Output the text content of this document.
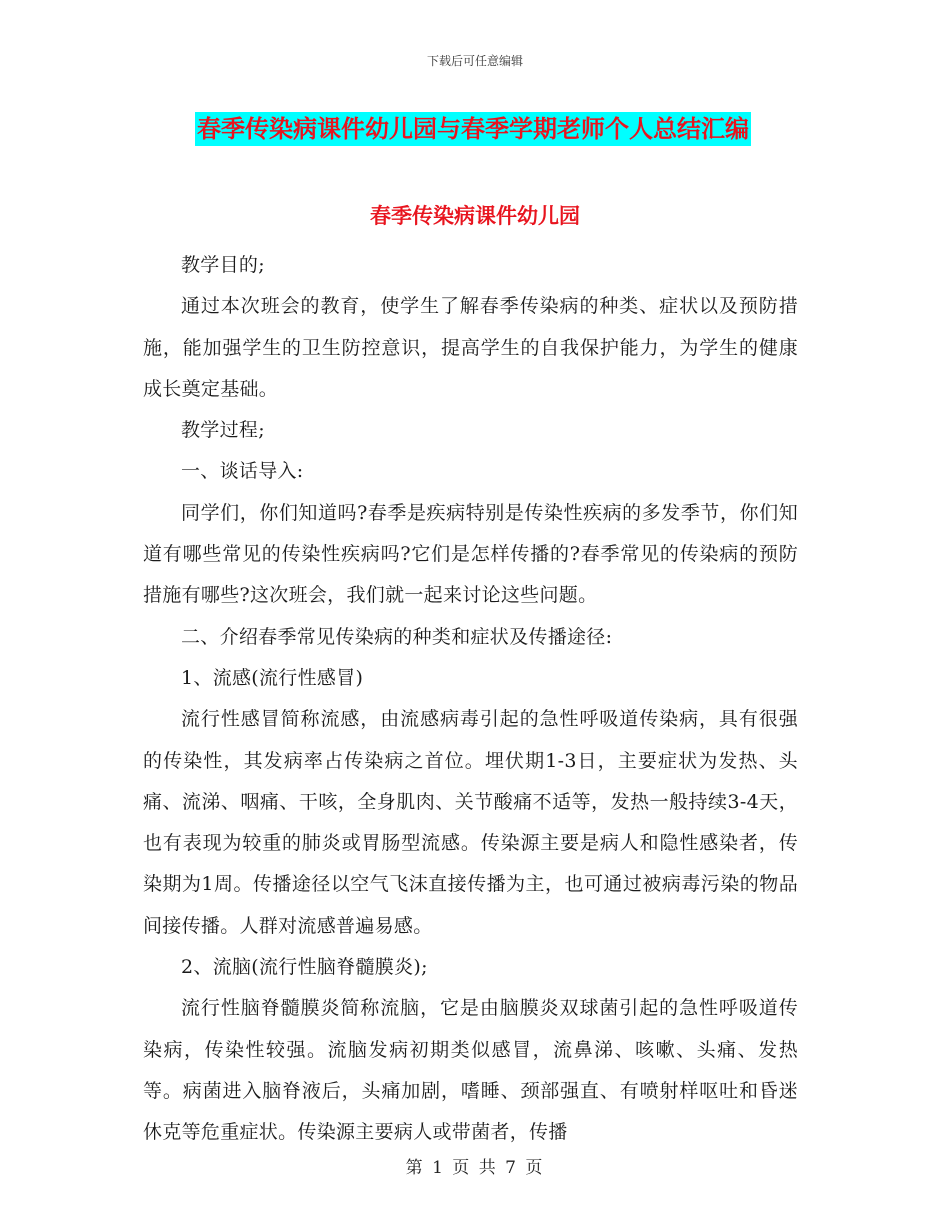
下载后可任意编辑
春季传染病课件幼儿园与春季学期老师个人总结汇编
春季传染病课件幼儿园

教学目的;

通过本次班会的教育，使学生了解春季传染病的种类、症状以及预防措施，能加强学生的卫生防控意识，提高学生的自我保护能力，为学生的健康成长奠定基础。

教学过程;

一、谈话导入:

同学们，你们知道吗?春季是疾病特别是传染性疾病的多发季节，你们知道有哪些常见的传染性疾病吗?它们是怎样传播的?春季常见的传染病的预防措施有哪些?这次班会，我们就一起来讨论这些问题。

二、介绍春季常见传染病的种类和症状及传播途径:

1、流感(流行性感冒)

流行性感冒简称流感，由流感病毒引起的急性呼吸道传染病，具有很强的传染性，其发病率占传染病之首位。埋伏期1-3日，主要症状为发热、头痛、流涕、咽痛、干咳，全身肌肉、关节酸痛不适等，发热一般持续3-4天，也有表现为较重的肺炎或胃肠型流感。传染源主要是病人和隐性感染者，传染期为1周。传播途径以空气飞沫直接传播为主，也可通过被病毒污染的物品间接传播。人群对流感普遍易感。

2、流脑(流行性脑脊髓膜炎);

流行性脑脊髓膜炎简称流脑，它是由脑膜炎双球菌引起的急性呼吸道传染病，传染性较强。流脑发病初期类似感冒，流鼻涕、咳嗽、头痛、发热等。病菌进入脑脊液后，头痛加剧，嗜睡、颈部强直、有喷射样呕吐和昏迷休克等危重症状。传染源主要病人或带菌者，传播

第 1 页 共 7 页
